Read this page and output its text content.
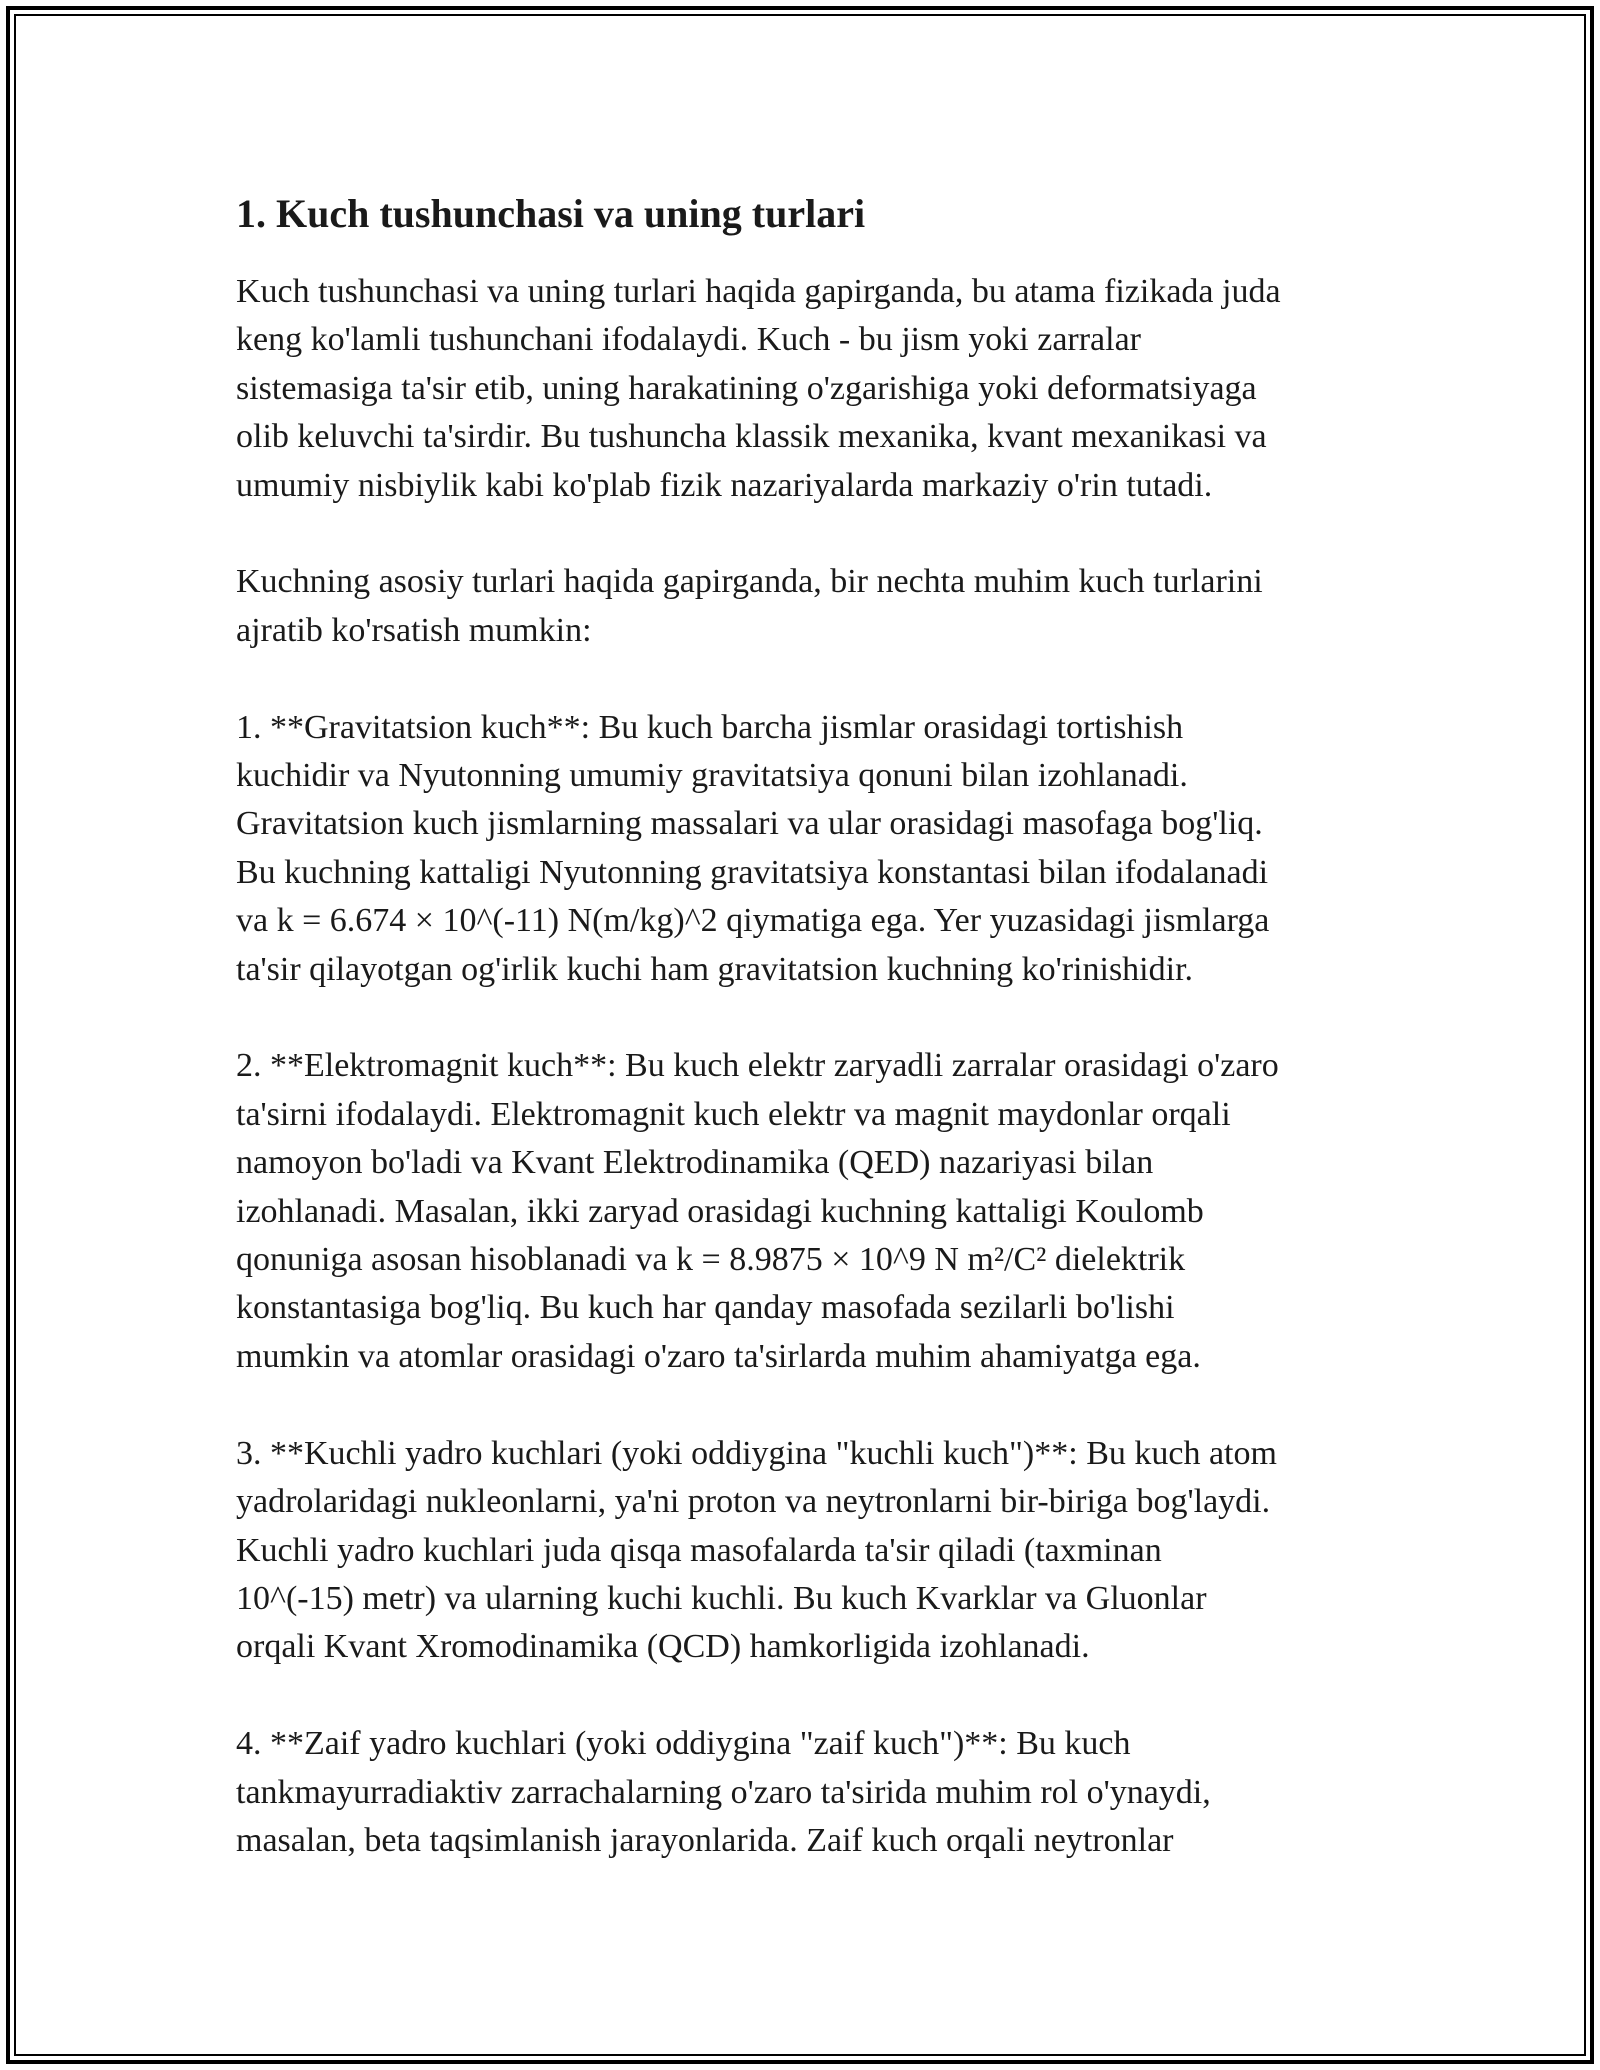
1. Kuch tushunchasi va uning turlari
Kuch tushunchasi va uning turlari haqida gapirganda, bu atama fizikada juda
keng ko'lamli tushunchani ifodalaydi. Kuch - bu jism yoki zarralar
sistemasiga ta'sir etib, uning harakatining o'zgarishiga yoki deformatsiyaga
olib keluvchi ta'sirdir. Bu tushuncha klassik mexanika, kvant mexanikasi va
umumiy nisbiylik kabi ko'plab fizik nazariyalarda markaziy o'rin tutadi.
Kuchning asosiy turlari haqida gapirganda, bir nechta muhim kuch turlarini
ajratib ko'rsatish mumkin:
1. **Gravitatsion kuch**: Bu kuch barcha jismlar orasidagi tortishish
kuchidir va Nyutonning umumiy gravitatsiya qonuni bilan izohlanadi.
Gravitatsion kuch jismlarning massalari va ular orasidagi masofaga bog'liq.
Bu kuchning kattaligi Nyutonning gravitatsiya konstantasi bilan ifodalanadi
va k = 6.674 × 10^(-11) N(m/kg)^2 qiymatiga ega. Yer yuzasidagi jismlarga
ta'sir qilayotgan og'irlik kuchi ham gravitatsion kuchning ko'rinishidir.
2. **Elektromagnit kuch**: Bu kuch elektr zaryadli zarralar orasidagi o'zaro
ta'sirni ifodalaydi. Elektromagnit kuch elektr va magnit maydonlar orqali
namoyon bo'ladi va Kvant Elektrodinamika (QED) nazariyasi bilan
izohlanadi. Masalan, ikki zaryad orasidagi kuchning kattaligi Koulomb
qonuniga asosan hisoblanadi va k = 8.9875 × 10^9 N m²/C² dielektrik
konstantasiga bog'liq. Bu kuch har qanday masofada sezilarli bo'lishi
mumkin va atomlar orasidagi o'zaro ta'sirlarda muhim ahamiyatga ega.
3. **Kuchli yadro kuchlari (yoki oddiygina "kuchli kuch")**: Bu kuch atom
yadrolaridagi nukleonlarni, ya'ni proton va neytronlarni bir-biriga bog'laydi.
Kuchli yadro kuchlari juda qisqa masofalarda ta'sir qiladi (taxminan
10^(-15) metr) va ularning kuchi kuchli. Bu kuch Kvarklar va Gluonlar
orqali Kvant Xromodinamika (QCD) hamkorligida izohlanadi.
4. **Zaif yadro kuchlari (yoki oddiygina "zaif kuch")**: Bu kuch
tankmayurradiaktiv zarrachalarning o'zaro ta'sirida muhim rol o'ynaydi,
masalan, beta taqsimlanish jarayonlarida. Zaif kuch orqali neytronlar
